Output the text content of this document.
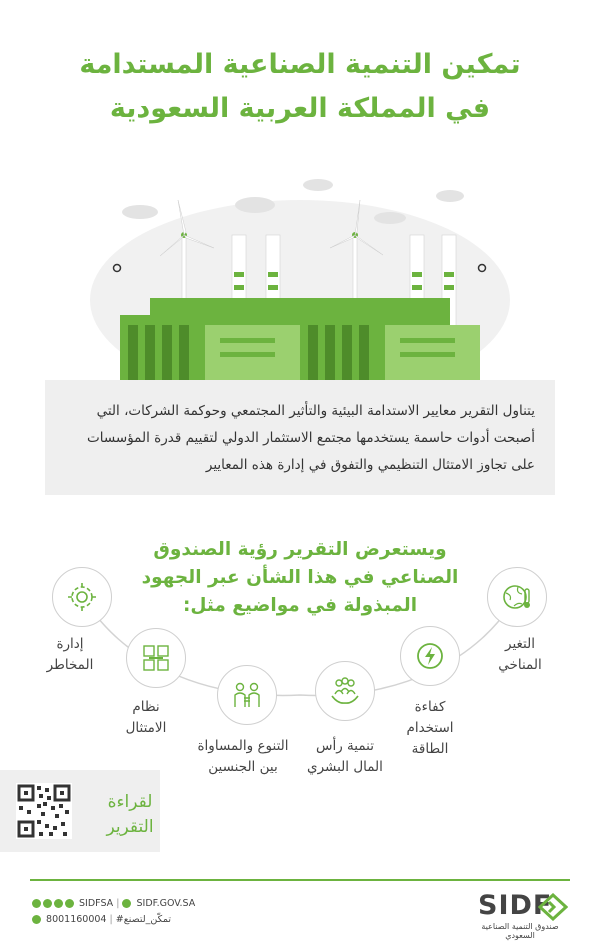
تمكين التنمية الصناعية المستدامة
في المملكة العربية السعودية
يتناول التقرير معايير الاستدامة البيئية والتأثير المجتمعي وحوكمة الشركات، التي
أصبحت أدوات حاسمة يستخدمها مجتمع الاستثمار الدولي لتقييم قدرة المؤسسات
على تجاوز الامتثال التنظيمي والتفوق في إدارة هذه المعايير
ويستعرض التقرير رؤية الصندوق
الصناعي في هذا الشأن عبر الجهود
المبذولة في مواضيع مثل:
التغير
المناخي
كفاءة
استخدام
الطاقة
تنمية رأس
المال البشري
التنوع والمساواة
بين الجنسين
نظام
الامتثال
إدارة
المخاطر
لقراءة
التقرير
SIDFSA |  SIDF.GOV.SA
8001160004 | #تمكّن_لتصنع	SIDF
صندوق التنمية الصناعية السعودي
